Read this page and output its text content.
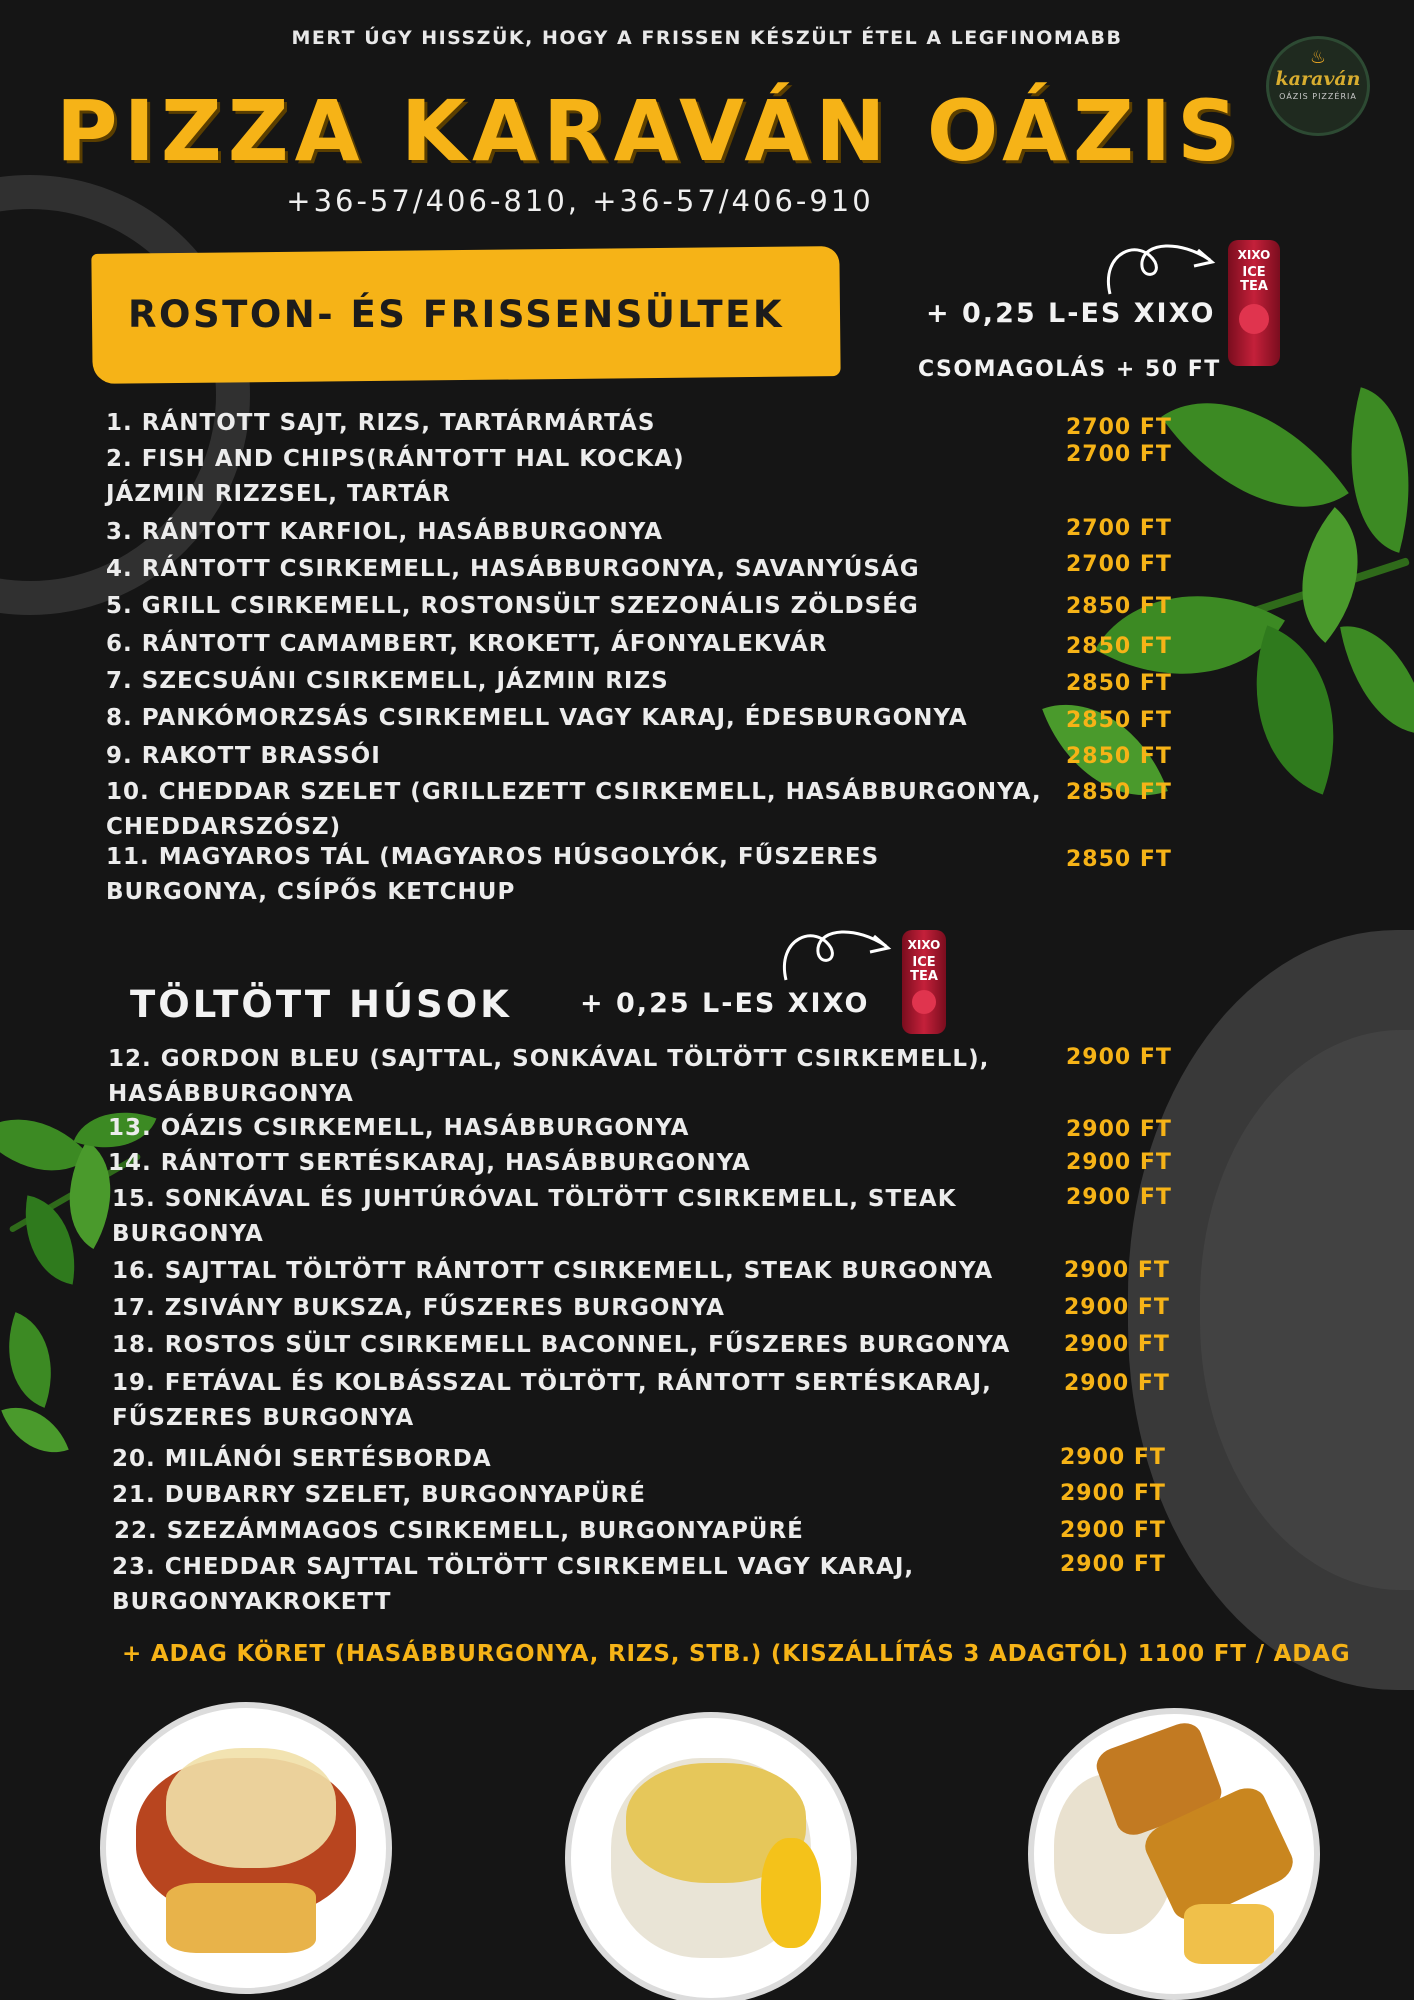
MERT ÚGY HISSZÜK, HOGY A FRISSEN KÉSZÜLT ÉTEL A LEGFINOMABB
♨
karaván
OÁZIS PIZZÉRIA
PIZZA KARAVÁN OÁZIS
+36-57/406-810, +36-57/406-910
ROSTON- ÉS FRISSENSÜLTEK	+ 0,25 L-ES XIXO
XIXO
ICE TEA
CSOMAGOLÁS + 50 FT
1. RÁNTOTT SAJT, RIZS, TARTÁRMÁRTÁS	2700 FT
2. FISH AND CHIPS(RÁNTOTT HAL KOCKA)
JÁZMIN RIZZSEL, TARTÁR
2700 FT
3. RÁNTOTT KARFIOL, HASÁBBURGONYA	2700 FT
4. RÁNTOTT CSIRKEMELL, HASÁBBURGONYA, SAVANYÚSÁG	2700 FT
5. GRILL CSIRKEMELL, ROSTONSÜLT SZEZONÁLIS ZÖLDSÉG	2850 FT
6. RÁNTOTT CAMAMBERT, KROKETT, ÁFONYALEKVÁR	2850 FT
7. SZECSUÁNI CSIRKEMELL, JÁZMIN RIZS	2850 FT
8. PANKÓMORZSÁS CSIRKEMELL VAGY KARAJ, ÉDESBURGONYA	2850 FT
9. RAKOTT BRASSÓI	2850 FT
10. CHEDDAR SZELET (GRILLEZETT CSIRKEMELL, HASÁBBURGONYA,
CHEDDARSZÓSZ)
2850 FT
11. MAGYAROS TÁL (MAGYAROS HÚSGOLYÓK, FŰSZERES
BURGONYA, CSÍPŐS KETCHUP
2850 FT
XIXO
ICE TEA
TÖLTÖTT HÚSOK	+ 0,25 L-ES XIXO
12. GORDON BLEU (SAJTTAL, SONKÁVAL TÖLTÖTT CSIRKEMELL),
HASÁBBURGONYA
2900 FT
13. OÁZIS CSIRKEMELL, HASÁBBURGONYA	2900 FT
14. RÁNTOTT SERTÉSKARAJ, HASÁBBURGONYA	2900 FT
15. SONKÁVAL ÉS JUHTÚRÓVAL TÖLTÖTT CSIRKEMELL, STEAK
BURGONYA
2900 FT
16. SAJTTAL TÖLTÖTT RÁNTOTT CSIRKEMELL, STEAK BURGONYA	2900 FT
17. ZSIVÁNY BUKSZA, FŰSZERES BURGONYA	2900 FT
18. ROSTOS SÜLT CSIRKEMELL BACONNEL, FŰSZERES BURGONYA 2900 FT
19. FETÁVAL ÉS KOLBÁSSZAL TÖLTÖTT, RÁNTOTT SERTÉSKARAJ,
FŰSZERES BURGONYA
2900 FT
20. MILÁNÓI SERTÉSBORDA	2900 FT
21. DUBARRY SZELET, BURGONYAPÜRÉ	2900 FT
22. SZEZÁMMAGOS CSIRKEMELL, BURGONYAPÜRÉ	2900 FT
23. CHEDDAR SAJTTAL TÖLTÖTT CSIRKEMELL VAGY KARAJ,
BURGONYAKROKETT
2900 FT
+ ADAG KÖRET (HASÁBBURGONYA, RIZS, STB.) (KISZÁLLÍTÁS 3 ADAGTÓL) 1100 FT / ADAG
